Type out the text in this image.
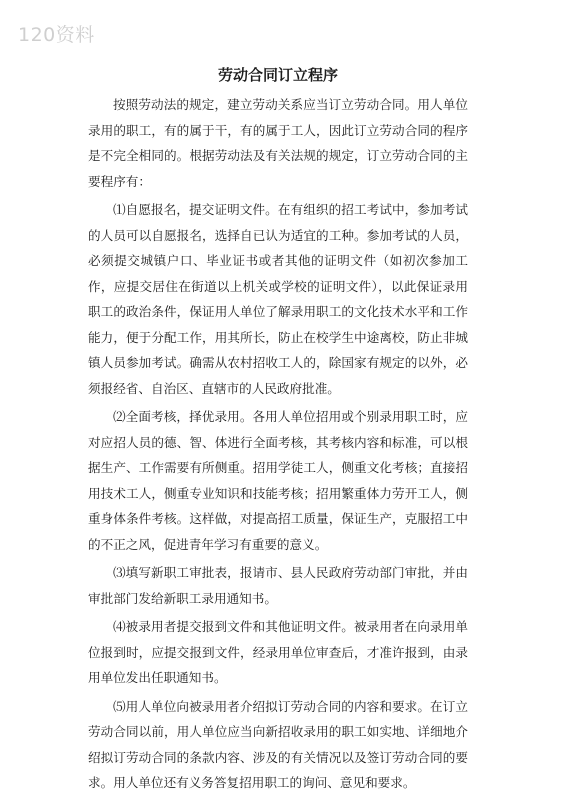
120资料
劳动合同订立程序

按照劳动法的规定，建立劳动关系应当订立劳动合同。用人单位录用的职工，有的属于干，有的属于工人，因此订立劳动合同的程序是不完全相同的。根据劳动法及有关法规的规定，订立劳动合同的主要程序有：

⑴自愿报名，提交证明文件。在有组织的招工考试中，参加考试的人员可以自愿报名，选择自已认为适宜的工种。参加考试的人员，必须提交城镇户口、毕业证书或者其他的证明文件（如初次参加工作，应提交居住在街道以上机关或学校的证明文件），以此保证录用职工的政治条件，保证用人单位了解录用职工的文化技术水平和工作能力，便于分配工作，用其所长，防止在校学生中途离校，防止非城镇人员参加考试。确需从农村招收工人的，除国家有规定的以外，必须报经省、自治区、直辖市的人民政府批准。

⑵全面考核，择优录用。各用人单位招用或个别录用职工时，应对应招人员的德、智、体进行全面考核，其考核内容和标准，可以根据生产、工作需要有所侧重。招用学徒工人，侧重文化考核；直接招用技术工人，侧重专业知识和技能考核；招用繁重体力劳开工人，侧重身体条件考核。这样做，对提高招工质量，保证生产，克服招工中的不正之风，促进青年学习有重要的意义。

⑶填写新职工审批表，报请市、县人民政府劳动部门审批，并由审批部门发给新职工录用通知书。

⑷被录用者提交报到文件和其他证明文件。被录用者在向录用单位报到时，应提交报到文件，经录用单位审查后，才准许报到，由录用单位发出任职通知书。

⑸用人单位向被录用者介绍拟订劳动合同的内容和要求。在订立劳动合同以前，用人单位应当向新招收录用的职工如实地、详细地介绍拟订劳动合同的条款内容、涉及的有关情况以及签订劳动合同的要求。用人单位还有义务答复招用职工的询问、意见和要求。
